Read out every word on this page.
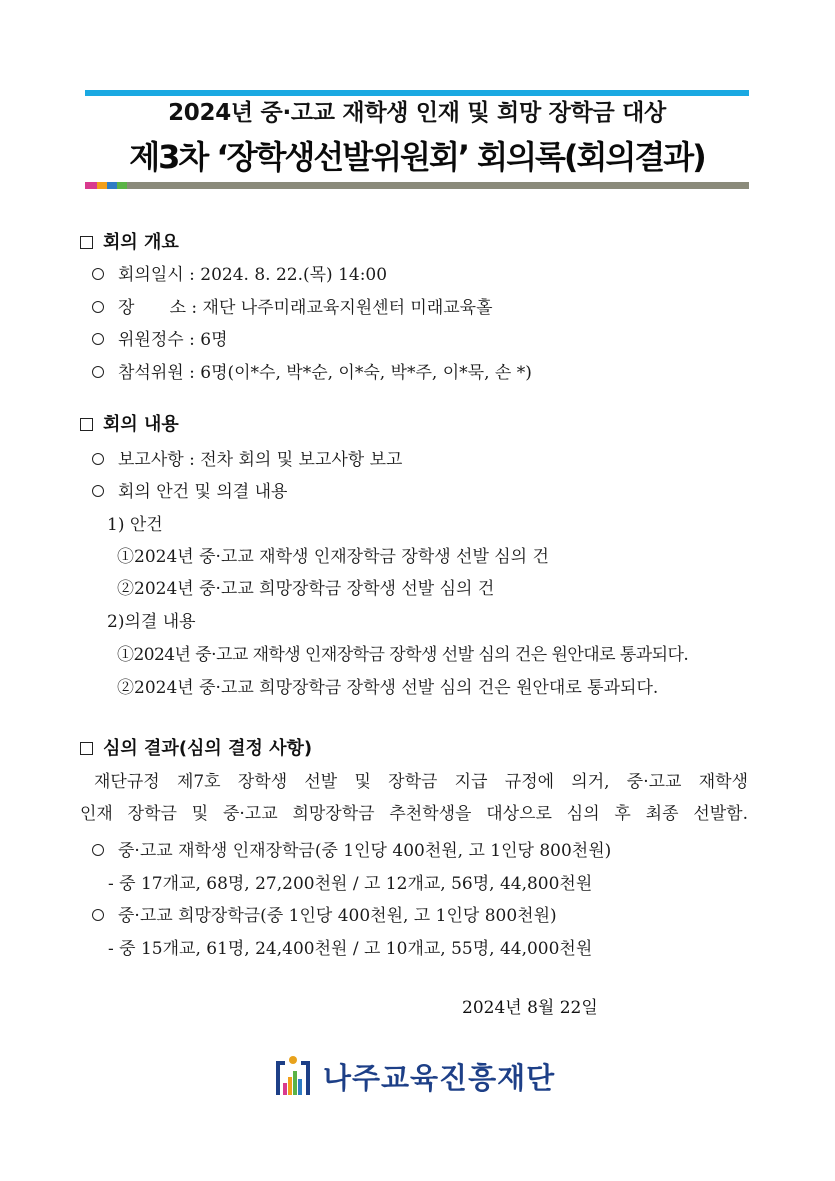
2024년 중·고교 재학생 인재 및 희망 장학금 대상
제3차 ‘장학생선발위원회’ 회의록(회의결과)
회의 개요
회의일시 : 2024. 8. 22.(목) 14:00
장 소 : 재단 나주미래교육지원센터 미래교육홀
위원정수 : 6명
참석위원 : 6명(이*수, 박*순, 이*숙, 박*주, 이*묵, 손 *)
회의 내용
보고사항 : 전차 회의 및 보고사항 보고
회의 안건 및 의결 내용
1) 안건
①2024년 중·고교 재학생 인재장학금 장학생 선발 심의 건
②2024년 중·고교 희망장학금 장학생 선발 심의 건
2)의결 내용
①2024년 중·고교 재학생 인재장학금 장학생 선발 심의 건은 원안대로 통과되다.
②2024년 중·고교 희망장학금 장학생 선발 심의 건은 원안대로 통과되다.
심의 결과(심의 결정 사항)
재단규정 제7호 장학생 선발 및 장학금 지급 규정에 의거, 중·고교 재학생
인재 장학금 및 중·고교 희망장학금 추천학생을 대상으로 심의 후 최종 선발함.
중·고교 재학생 인재장학금(중 1인당 400천원, 고 1인당 800천원)
- 중 17개교, 68명, 27,200천원 / 고 12개교, 56명, 44,800천원
중·고교 희망장학금(중 1인당 400천원, 고 1인당 800천원)
- 중 15개교, 61명, 24,400천원 / 고 10개교, 55명, 44,000천원
2024년 8월 22일
나주교육진흥재단
